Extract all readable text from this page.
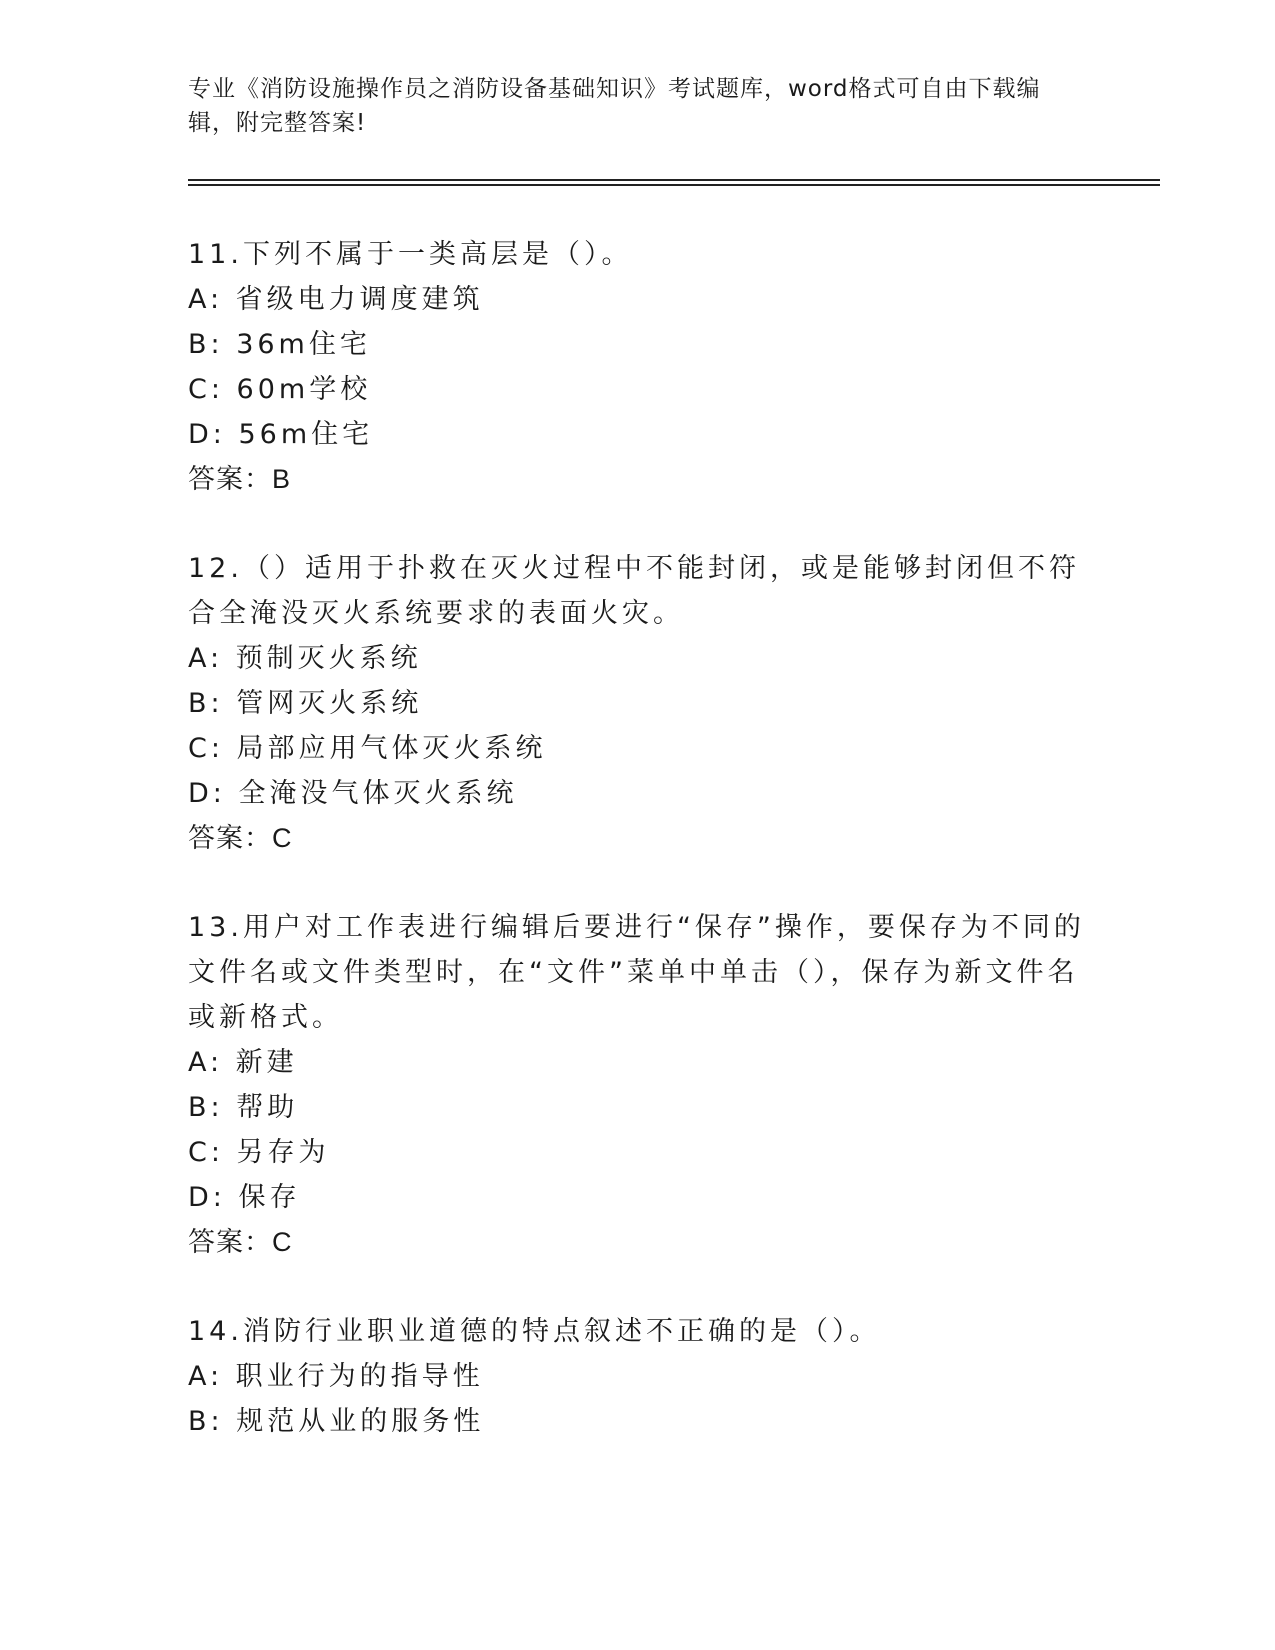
专业《消防设施操作员之消防设备基础知识》考试题库，word格式可自由下载编辑，附完整答案!

11.下列不属于一类高层是（）。

A: 省级电力调度建筑

B: 36m住宅

C: 60m学校

D: 56m住宅

答案：B

12.（）适用于扑救在灭火过程中不能封闭，或是能够封闭但不符合全淹没灭火系统要求的表面火灾。

A: 预制灭火系统

B: 管网灭火系统

C: 局部应用气体灭火系统

D: 全淹没气体灭火系统

答案：C

13.用户对工作表进行编辑后要进行“保存”操作，要保存为不同的文件名或文件类型时，在“文件”菜单中单击（），保存为新文件名或新格式。

A: 新建

B: 帮助

C: 另存为

D: 保存

答案：C

14.消防行业职业道德的特点叙述不正确的是（）。

A: 职业行为的指导性

B: 规范从业的服务性
